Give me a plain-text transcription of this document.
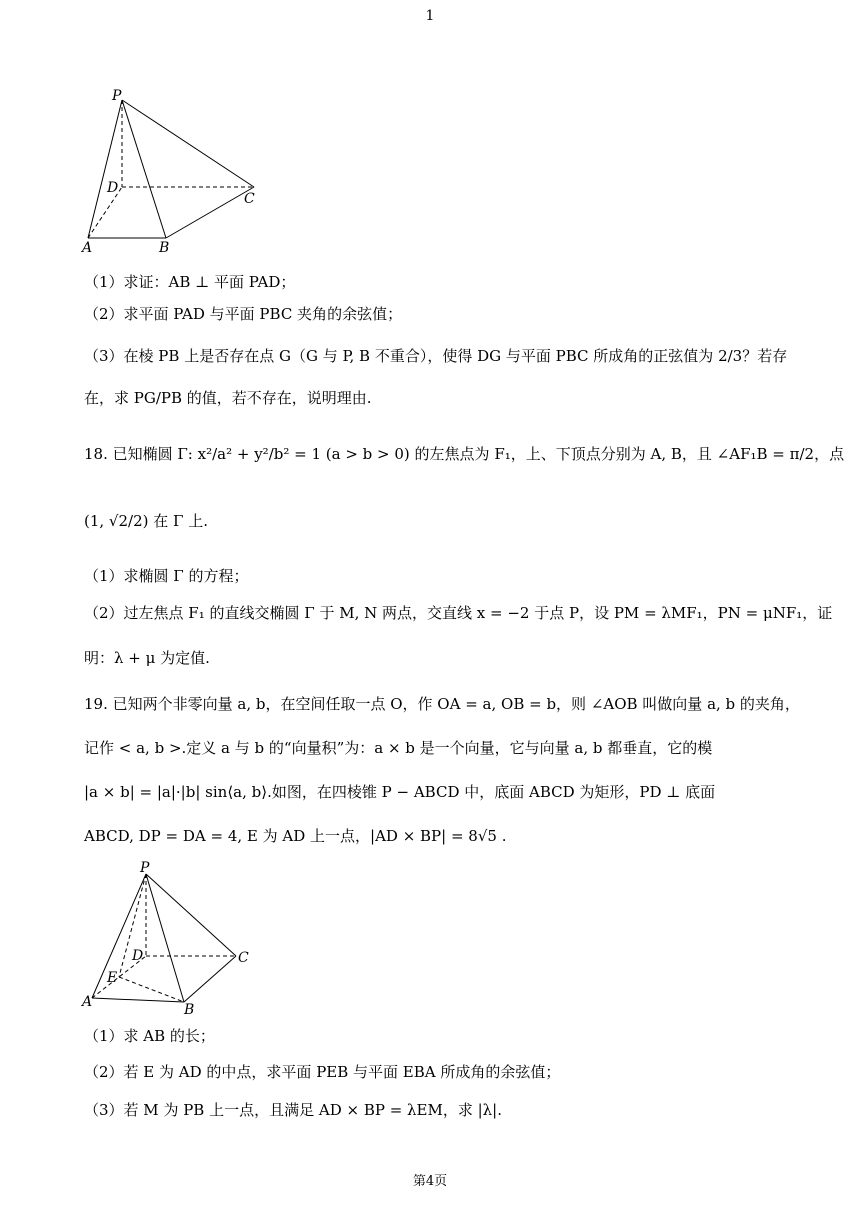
1
P
D
C
A	B
（1）求证：AB ⊥ 平面 PAD；
（2）求平面 PAD 与平面 PBC 夹角的余弦值；
（3）在棱 PB 上是否存在点 G（G 与 P, B 不重合），使得 DG 与平面 PBC 所成角的正弦值为 2/3？若存
在，求 PG/PB 的值，若不存在，说明理由.
18. 已知椭圆 Γ: x²/a² + y²/b² = 1 (a > b > 0) 的左焦点为 F₁，上、下顶点分别为 A, B，且 ∠AF₁B = π/2，点
(1, √2/2) 在 Γ 上.
（1）求椭圆 Γ 的方程；
（2）过左焦点 F₁ 的直线交椭圆 Γ 于 M, N 两点，交直线 x = −2 于点 P，设 PM = λMF₁，PN = μNF₁，证
明：λ + μ 为定值.
19. 已知两个非零向量 a, b，在空间任取一点 O，作 OA = a, OB = b，则 ∠AOB 叫做向量 a, b 的夹角，
记作 < a, b >.定义 a 与 b 的“向量积”为：a × b 是一个向量，它与向量 a, b 都垂直，它的模
|a × b| = |a|·|b| sin⟨a, b⟩.如图，在四棱锥 P − ABCD 中，底面 ABCD 为矩形，PD ⊥ 底面
ABCD, DP = DA = 4, E 为 AD 上一点，|AD × BP| = 8√5 .
P
D	C
E
A	B
（1）求 AB 的长；
（2）若 E 为 AD 的中点，求平面 PEB 与平面 EBA 所成角的余弦值；
（3）若 M 为 PB 上一点，且满足 AD × BP = λEM，求 |λ|.
第4页
